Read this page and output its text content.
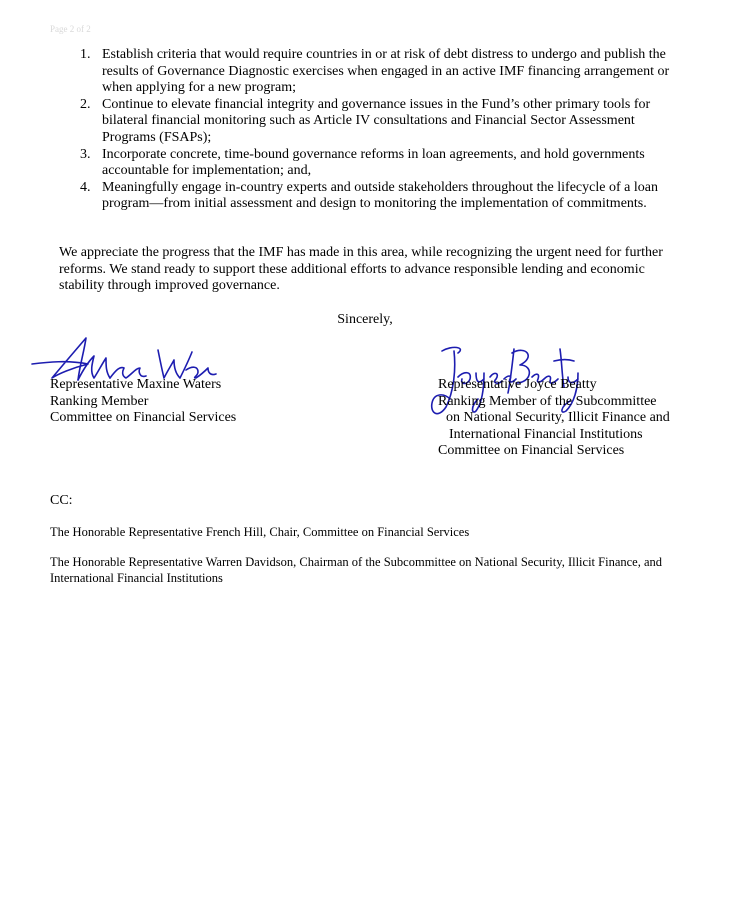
Page 2 of 2
1. Establish criteria that would require countries in or at risk of debt distress to undergo and publish the results of Governance Diagnostic exercises when engaged in an active IMF financing arrangement or when applying for a new program;
2. Continue to elevate financial integrity and governance issues in the Fund’s other primary tools for bilateral financial monitoring such as Article IV consultations and Financial Sector Assessment Programs (FSAPs);
3. Incorporate concrete, time-bound governance reforms in loan agreements, and hold governments accountable for implementation; and,
4. Meaningfully engage in-country experts and outside stakeholders throughout the lifecycle of a loan program—from initial assessment and design to monitoring the implementation of commitments.

We appreciate the progress that the IMF has made in this area, while recognizing the urgent need for further reforms. We stand ready to support these additional efforts to advance responsible lending and economic stability through improved governance.

Sincerely,
Representative Maxine Waters
Ranking Member
Committee on Financial Services
Representative Joyce Beatty
Ranking Member of the Subcommittee
on National Security, Illicit Finance and
International Financial Institutions
Committee on Financial Services
CC:

The Honorable Representative French Hill, Chair, Committee on Financial Services

The Honorable Representative Warren Davidson, Chairman of the Subcommittee on National Security, Illicit Finance, and International Financial Institutions
